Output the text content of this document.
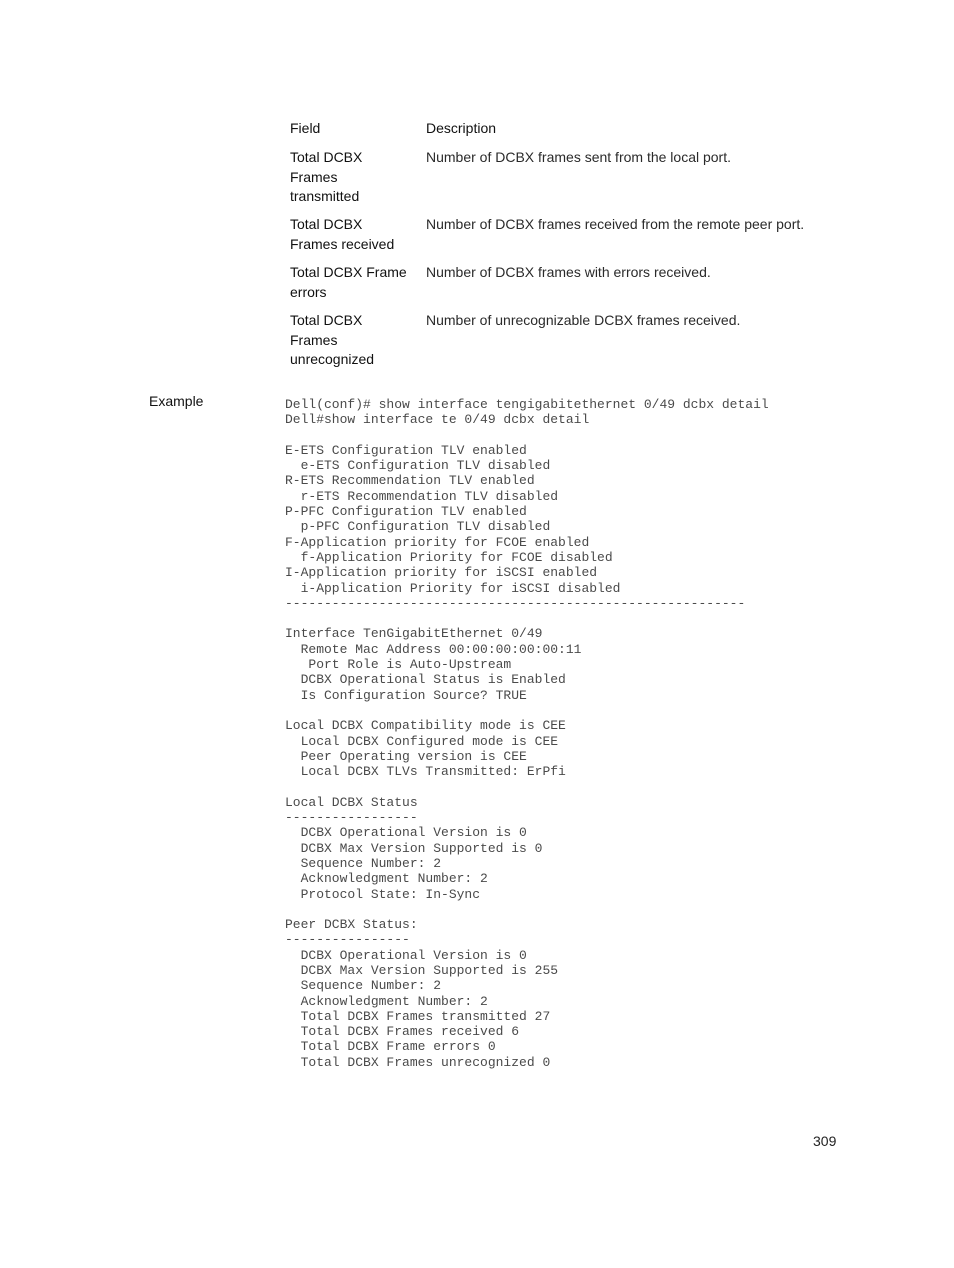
Field	Description
Total DCBX
Frames
transmitted
Number of DCBX frames sent from the local port.
Total DCBX
Frames received
Number of DCBX frames received from the remote peer port.
Total DCBX Frame
errors
Number of DCBX frames with errors received.
Total DCBX
Frames
unrecognized
Number of unrecognizable DCBX frames received.
Example	Dell(conf)# show interface tengigabitethernet 0/49 dcbx detail
Dell#show interface te 0/49 dcbx detail
E-ETS Configuration TLV enabled
e-ETS Configuration TLV disabled
R-ETS Recommendation TLV enabled
r-ETS Recommendation TLV disabled
P-PFC Configuration TLV enabled
p-PFC Configuration TLV disabled
F-Application priority for FCOE enabled
f-Application Priority for FCOE disabled
I-Application priority for iSCSI enabled
i-Application Priority for iSCSI disabled
-----------------------------------------------------------
Interface TenGigabitEthernet 0/49
Remote Mac Address 00:00:00:00:00:11
Port Role is Auto-Upstream
DCBX Operational Status is Enabled
Is Configuration Source? TRUE
Local DCBX Compatibility mode is CEE
Local DCBX Configured mode is CEE
Peer Operating version is CEE
Local DCBX TLVs Transmitted: ErPfi
Local DCBX Status
-----------------
DCBX Operational Version is 0
DCBX Max Version Supported is 0
Sequence Number: 2
Acknowledgment Number: 2
Protocol State: In-Sync
Peer DCBX Status:
----------------
DCBX Operational Version is 0
DCBX Max Version Supported is 255
Sequence Number: 2
Acknowledgment Number: 2
Total DCBX Frames transmitted 27
Total DCBX Frames received 6
Total DCBX Frame errors 0
Total DCBX Frames unrecognized 0
309
